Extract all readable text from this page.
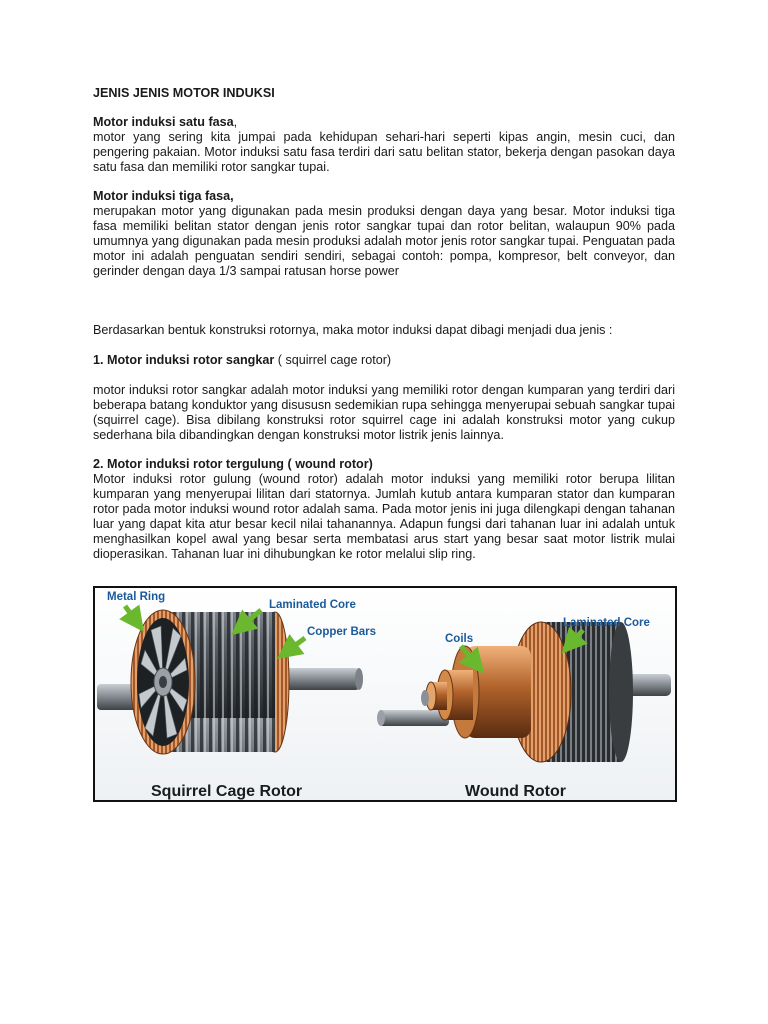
JENIS JENIS MOTOR INDUKSI

Motor induksi satu fasa,

motor yang sering kita jumpai pada kehidupan sehari-hari seperti kipas angin, mesin cuci, dan pengering pakaian. Motor induksi satu fasa terdiri dari satu belitan stator, bekerja dengan pasokan daya satu fasa dan memiliki rotor sangkar tupai.

Motor induksi tiga fasa,

merupakan motor yang digunakan pada mesin produksi dengan daya yang besar. Motor induksi tiga fasa memiliki belitan stator dengan jenis rotor sangkar tupai dan rotor belitan, walaupun 90% pada umumnya yang digunakan pada mesin produksi adalah motor jenis rotor sangkar tupai. Penguatan pada motor ini adalah penguatan sendiri sendiri, sebagai contoh: pompa, kompresor, belt conveyor, dan gerinder dengan daya 1/3 sampai ratusan horse power

Berdasarkan bentuk konstruksi rotornya, maka motor induksi dapat dibagi menjadi dua jenis :

1. Motor induksi rotor sangkar ( squirrel cage rotor)

motor induksi rotor sangkar adalah motor induksi yang memiliki rotor dengan kumparan yang terdiri dari beberapa batang konduktor yang disususn sedemikian rupa sehingga menyerupai sebuah sangkar tupai (squirrel cage). Bisa dibilang konstruksi rotor squirrel cage ini adalah konstruksi motor yang cukup sederhana bila dibandingkan dengan konstruksi motor listrik jenis lainnya.

2. Motor induksi rotor tergulung ( wound rotor)

Motor induksi rotor gulung (wound rotor) adalah motor induksi yang memiliki rotor berupa lilitan kumparan yang menyerupai lilitan dari statornya. Jumlah kutub antara kumparan stator dan kumparan rotor pada motor induksi wound rotor adalah sama. Pada motor jenis ini juga dilengkapi dengan tahanan luar yang dapat kita atur besar kecil nilai tahanannya. Adapun fungsi dari tahanan luar ini adalah untuk menghasilkan kopel awal yang besar serta membatasi arus start yang besar saat motor listrik mulai dioperasikan. Tahanan luar ini dihubungkan ke rotor melalui slip ring.

Metal Ring
Laminated Core
Copper Bars
Coils
Laminated Core
Squirrel Cage Rotor	Wound Rotor
